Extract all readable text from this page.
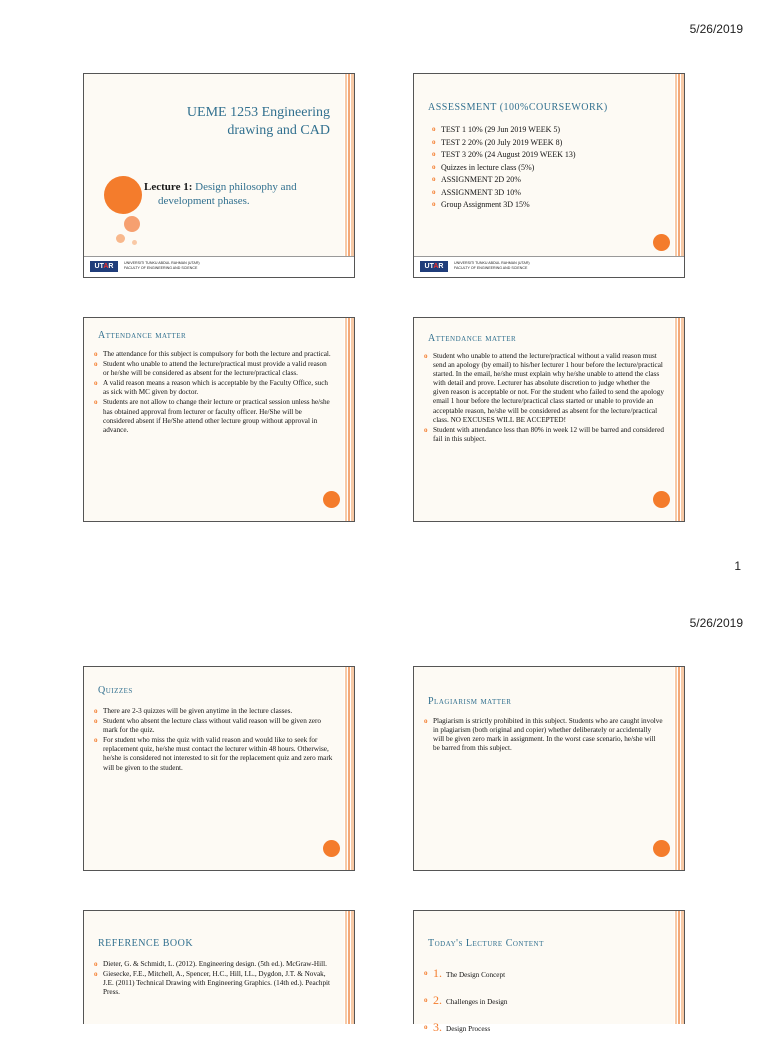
5/26/2019
UEME 1253 Engineering
drawing and CAD
Lecture 1: Design philosophy and
development phases.
UTAR	UNIVERSITI TUNKU ABDUL RAHMAN (UTAR)
FACULTY OF ENGINEERING AND SCIENCE
ASSESSMENT (100%COURSEWORK)
o TEST 1 10% (29 Jun 2019 WEEK 5)
o TEST 2 20% (20 July 2019 WEEK 8)
o TEST 3 20% (24 August 2019 WEEK 13)
o Quizzes in lecture class (5%)
o ASSIGNMENT 2D 20%
o ASSIGNMENT 3D 10%
o Group Assignment 3D 15%
UTAR	UNIVERSITI TUNKU ABDUL RAHMAN (UTAR)
FACULTY OF ENGINEERING AND SCIENCE
Attendance matter
o The attendance for this subject is compulsory for both the lecture and practical.
o Student who unable to attend the lecture/practical must provide a valid reason or he/she will be considered as absent for the lecture/practical class.
o A valid reason means a reason which is acceptable by the Faculty Office, such as sick with MC given by doctor.
o Students are not allow to change their lecture or practical session unless he/she has obtained approval from lecturer or faculty officer. He/She will be considered absent if He/She attend other lecture group without approval in advance.
Attendance matter
o Student who unable to attend the lecture/practical without a valid reason must send an apology (by email) to his/her lecturer 1 hour before the lecture/practical started. In the email, he/she must explain why he/she unable to attend the class with detail and prove. Lecturer has absolute discretion to judge whether the given reason is acceptable or not. For the student who failed to send the apology email 1 hour before the lecture/practical class started or unable to provide an acceptable reason, he/she will be considered as absent for the lecture/practical class. NO EXCUSES WILL BE ACCEPTED!
o Student with attendance less than 80% in week 12 will be barred and considered fail in this subject.
1
5/26/2019
Quizzes
o There are 2-3 quizzes will be given anytime in the lecture classes.
o Student who absent the lecture class without valid reason will be given zero mark for the quiz.
o For student who miss the quiz with valid reason and would like to seek for replacement quiz, he/she must contact the lecturer within 48 hours. Otherwise, he/she is considered not interested to sit for the replacement quiz and zero mark will be given to the student.
Plagiarism matter
o Plagiarism is strictly prohibited in this subject. Students who are caught involve in plagiarism (both original and copier) whether deliberately or accidentally will be given zero mark in assignment. In the worst case scenario, he/she will be barred from this subject.
REFERENCE BOOK
o Dieter, G. & Schmidt, L. (2012). Engineering design. (5th ed.). McGraw-Hill.
o Giesecke, F.E., Mitchell, A., Spencer, H.C., Hill, I.L., Dygdon, J.T. & Novak, J.E. (2011) Technical Drawing with Engineering Graphics. (14th ed.). Peachpit Press.
Today's Lecture Content
o 1. The Design Concept
o 2. Challenges in Design
o 3. Design Process
